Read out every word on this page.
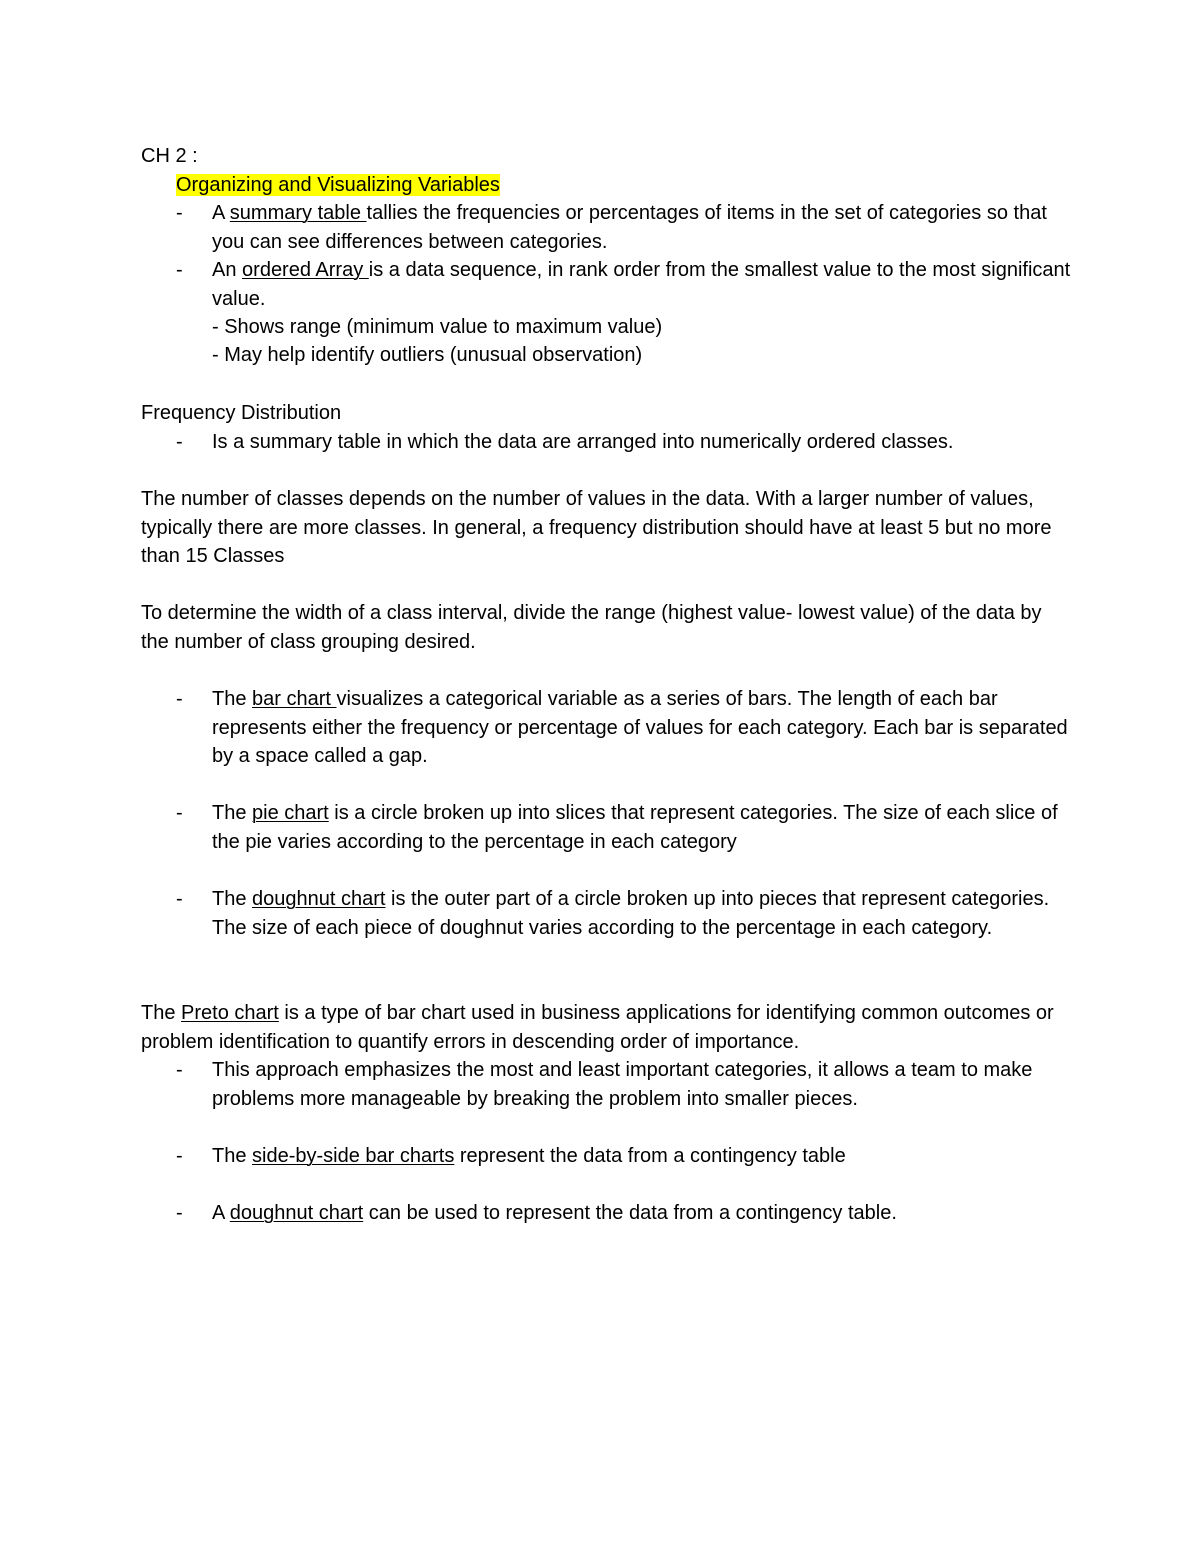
CH 2 :
Organizing and Visualizing Variables
-	A summary table tallies the frequencies or percentages of items in the set of categories so that you can see differences between categories.
-	An ordered Array is a data sequence, in rank order from the smallest value to the most significant value.
- Shows range (minimum value to maximum value)
- May help identify outliers (unusual observation)
Frequency Distribution
-	Is a summary table in which the data are arranged into numerically ordered classes.
The number of classes depends on the number of values in the data. With a larger number of values, typically there are more classes. In general, a frequency distribution should have at least 5 but no more than 15 Classes
To determine the width of a class interval, divide the range (highest value- lowest value) of the data by the number of class grouping desired.
-	The bar chart visualizes a categorical variable as a series of bars. The length of each bar represents either the frequency or percentage of values for each category. Each bar is separated by a space called a gap.
-	The pie chart is a circle broken up into slices that represent categories. The size of each slice of the pie varies according to the percentage in each category
-	The doughnut chart is the outer part of a circle broken up into pieces that represent categories. The size of each piece of doughnut varies according to the percentage in each category.
The Preto chart is a type of bar chart used in business applications for identifying common outcomes or problem identification to quantify errors in descending order of importance.
-	This approach emphasizes the most and least important categories, it allows a team to make problems more manageable by breaking the problem into smaller pieces.
-	The side-by-side bar charts represent the data from a contingency table
-	A doughnut chart can be used to represent the data from a contingency table.
